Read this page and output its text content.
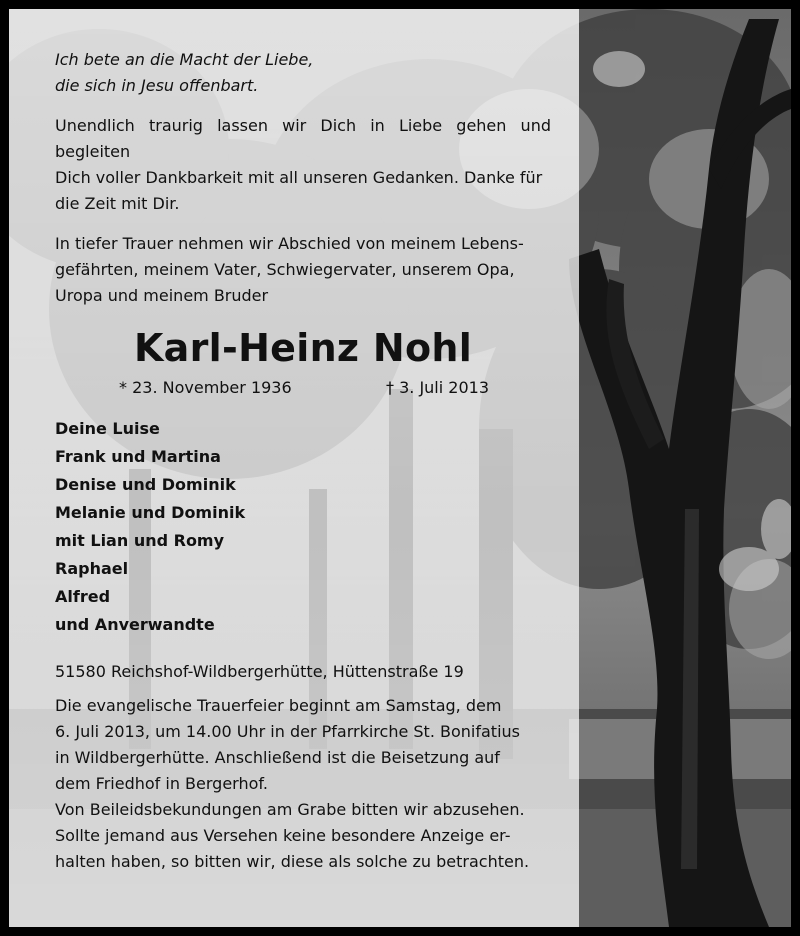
Ich bete an die Macht der Liebe,
die sich in Jesu offenbart.

Unendlich traurig lassen wir Dich in Liebe gehen und begleiten
Dich voller Dankbarkeit mit all unseren Gedanken. Danke für
die Zeit mit Dir.

In tiefer Trauer nehmen wir Abschied von meinem Lebens-
gefährten, meinem Vater, Schwiegervater, unserem Opa,
Uropa und meinem Bruder

Karl-Heinz Nohl

* 23. November 1936	† 3. Juli 2013

Deine Luise
Frank und Martina
Denise und Dominik
Melanie und Dominik
mit Lian und Romy
Raphael
Alfred
und Anverwandte

51580 Reichshof-Wildbergerhütte, Hüttenstraße 19

Die evangelische Trauerfeier beginnt am Samstag, dem
6. Juli 2013, um 14.00 Uhr in der Pfarrkirche St. Bonifatius
in Wildbergerhütte. Anschließend ist die Beisetzung auf
dem Friedhof in Bergerhof.

Von Beileidsbekundungen am Grabe bitten wir abzusehen.
Sollte jemand aus Versehen keine besondere Anzeige er-
halten haben, so bitten wir, diese als solche zu betrachten.
